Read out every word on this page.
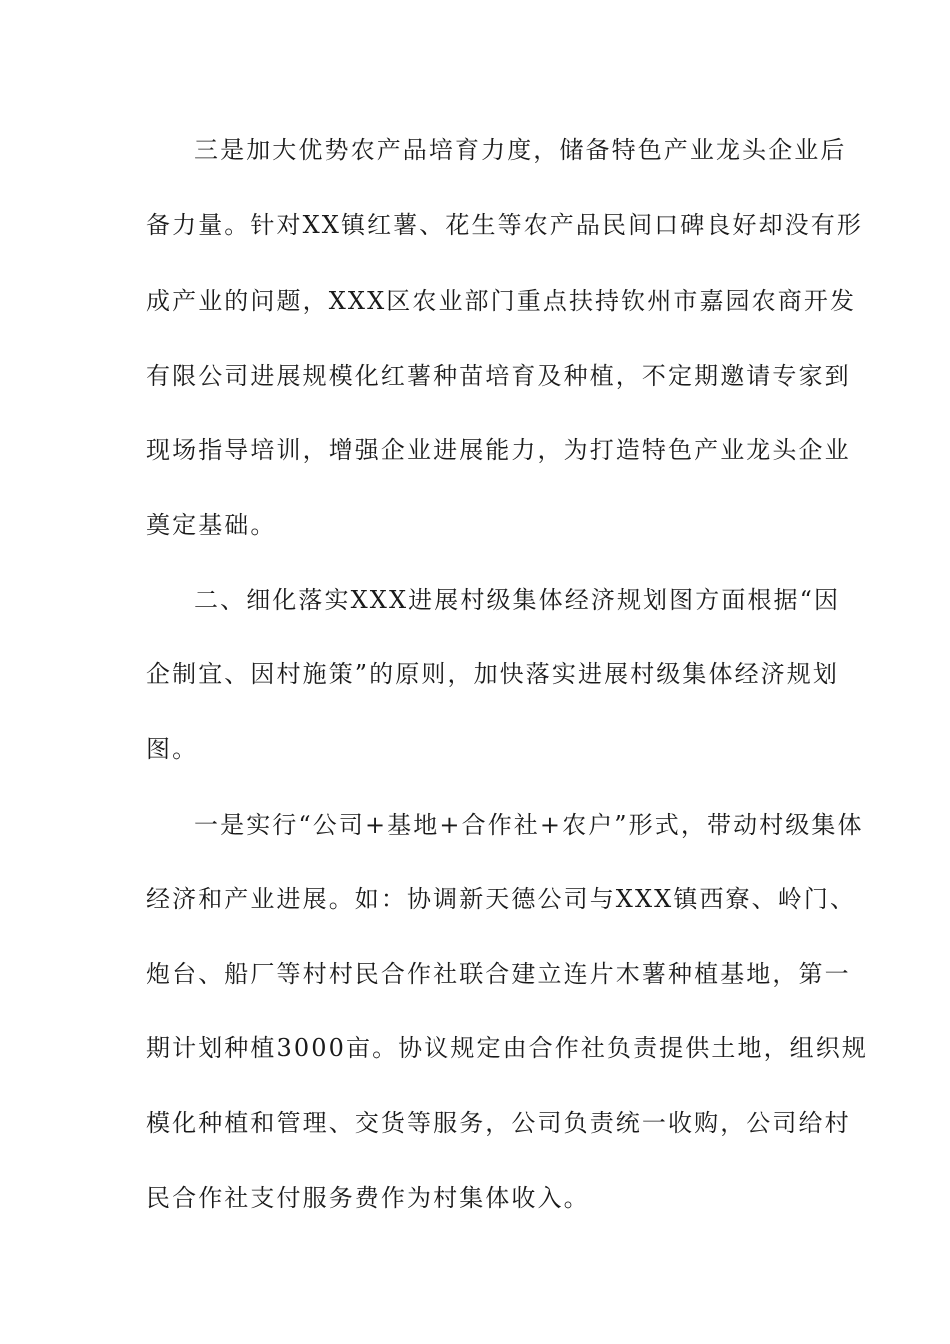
三是加大优势农产品培育力度，储备特色产业龙头企业后
备力量。针对XX镇红薯、花生等农产品民间口碑良好却没有形
成产业的问题，XXX区农业部门重点扶持钦州市嘉园农商开发
有限公司进展规模化红薯种苗培育及种植，不定期邀请专家到
现场指导培训，增强企业进展能力，为打造特色产业龙头企业
奠定基础。
二、细化落实XXX进展村级集体经济规划图方面根据“因
企制宜、因村施策”的原则，加快落实进展村级集体经济规划
图。
一是实行“公司+基地+合作社+农户”形式，带动村级集体
经济和产业进展。如：协调新天德公司与XXX镇西寮、岭门、
炮台、船厂等村村民合作社联合建立连片木薯种植基地，第一
期计划种植3000亩。协议规定由合作社负责提供土地，组织规
模化种植和管理、交货等服务，公司负责统一收购，公司给村
民合作社支付服务费作为村集体收入。
